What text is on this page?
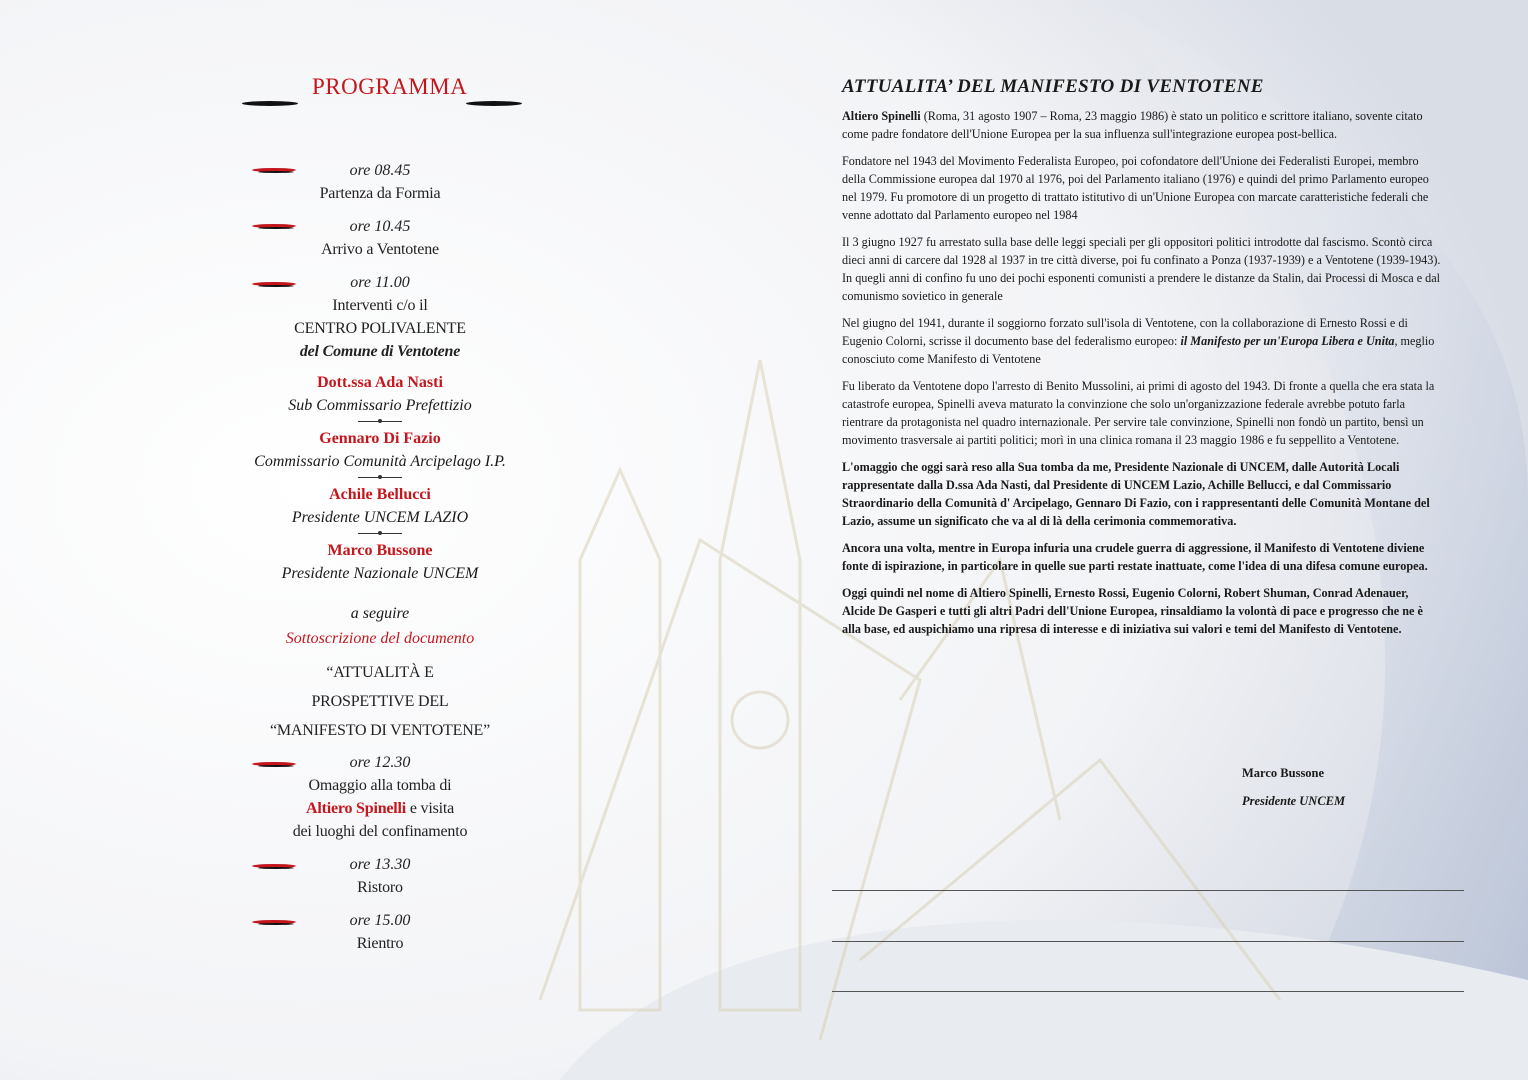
PROGRAMMA
ore 08.45
Partenza da Formia
ore 10.45
Arrivo a Ventotene
ore 11.00
Interventi c/o il
CENTRO POLIVALENTE
del Comune di Ventotene
Dott.ssa Ada Nasti
Sub Commissario Prefettizio
Gennaro Di Fazio
Commissario Comunità Arcipelago I.P.
Achile Bellucci
Presidente UNCEM LAZIO
Marco Bussone
Presidente Nazionale UNCEM
a seguire
Sottoscrizione del documento
“ATTUALITÀ E
PROSPETTIVE DEL
“MANIFESTO DI VENTOTENE”
ore 12.30
Omaggio alla tomba di
Altiero Spinelli e visita
dei luoghi del confinamento
ore 13.30
Ristoro
ore 15.00
Rientro
ATTUALITA’ DEL MANIFESTO DI VENTOTENE

Altiero Spinelli (Roma, 31 agosto 1907 – Roma, 23 maggio 1986) è stato un politico e scrittore italiano, sovente citato come padre fondatore dell'Unione Europea per la sua influenza sull'integrazione europea post-bellica.

Fondatore nel 1943 del Movimento Federalista Europeo, poi cofondatore dell'Unione dei Federalisti Europei, membro della Commissione europea dal 1970 al 1976, poi del Parlamento italiano (1976) e quindi del primo Parlamento europeo nel 1979. Fu promotore di un progetto di trattato istitutivo di un'Unione Europea con marcate caratteristiche federali che venne adottato dal Parlamento europeo nel 1984

Il 3 giugno 1927 fu arrestato sulla base delle leggi speciali per gli oppositori politici introdotte dal fascismo. Scontò circa dieci anni di carcere dal 1928 al 1937 in tre città diverse, poi fu confinato a Ponza (1937-1939) e a Ventotene (1939-1943). In quegli anni di confino fu uno dei pochi esponenti comunisti a prendere le distanze da Stalin, dai Processi di Mosca e dal comunismo sovietico in generale

Nel giugno del 1941, durante il soggiorno forzato sull'isola di Ventotene, con la collaborazione di Ernesto Rossi e di Eugenio Colorni, scrisse il documento base del federalismo europeo: il Manifesto per un'Europa Libera e Unita, meglio conosciuto come Manifesto di Ventotene

Fu liberato da Ventotene dopo l'arresto di Benito Mussolini, ai primi di agosto del 1943. Di fronte a quella che era stata la catastrofe europea, Spinelli aveva maturato la convinzione che solo un'organizzazione federale avrebbe potuto farla rientrare da protagonista nel quadro internazionale. Per servire tale convinzione, Spinelli non fondò un partito, bensì un movimento trasversale ai partiti politici; morì in una clinica romana il 23 maggio 1986 e fu seppellito a Ventotene.

L'omaggio che oggi sarà reso alla Sua tomba da me, Presidente Nazionale di UNCEM, dalle Autorità Locali rappresentate dalla D.ssa Ada Nasti, dal Presidente di UNCEM Lazio, Achille Bellucci, e dal Commissario Straordinario della Comunità d' Arcipelago, Gennaro Di Fazio, con i rappresentanti delle Comunità Montane del Lazio, assume un significato che va al di là della cerimonia commemorativa.

Ancora una volta, mentre in Europa infuria una crudele guerra di aggressione, il Manifesto di Ventotene diviene fonte di ispirazione, in particolare in quelle sue parti restate inattuate, come l'idea di una difesa comune europea.

Oggi quindi nel nome di Altiero Spinelli, Ernesto Rossi, Eugenio Colorni, Robert Shuman, Conrad Adenauer, Alcide De Gasperi e tutti gli altri Padri dell'Unione Europea, rinsaldiamo la volontà di pace e progresso che ne è alla base, ed auspichiamo una ripresa di interesse e di iniziativa sui valori e temi del Manifesto di Ventotene.

Marco Bussone
Presidente UNCEM
